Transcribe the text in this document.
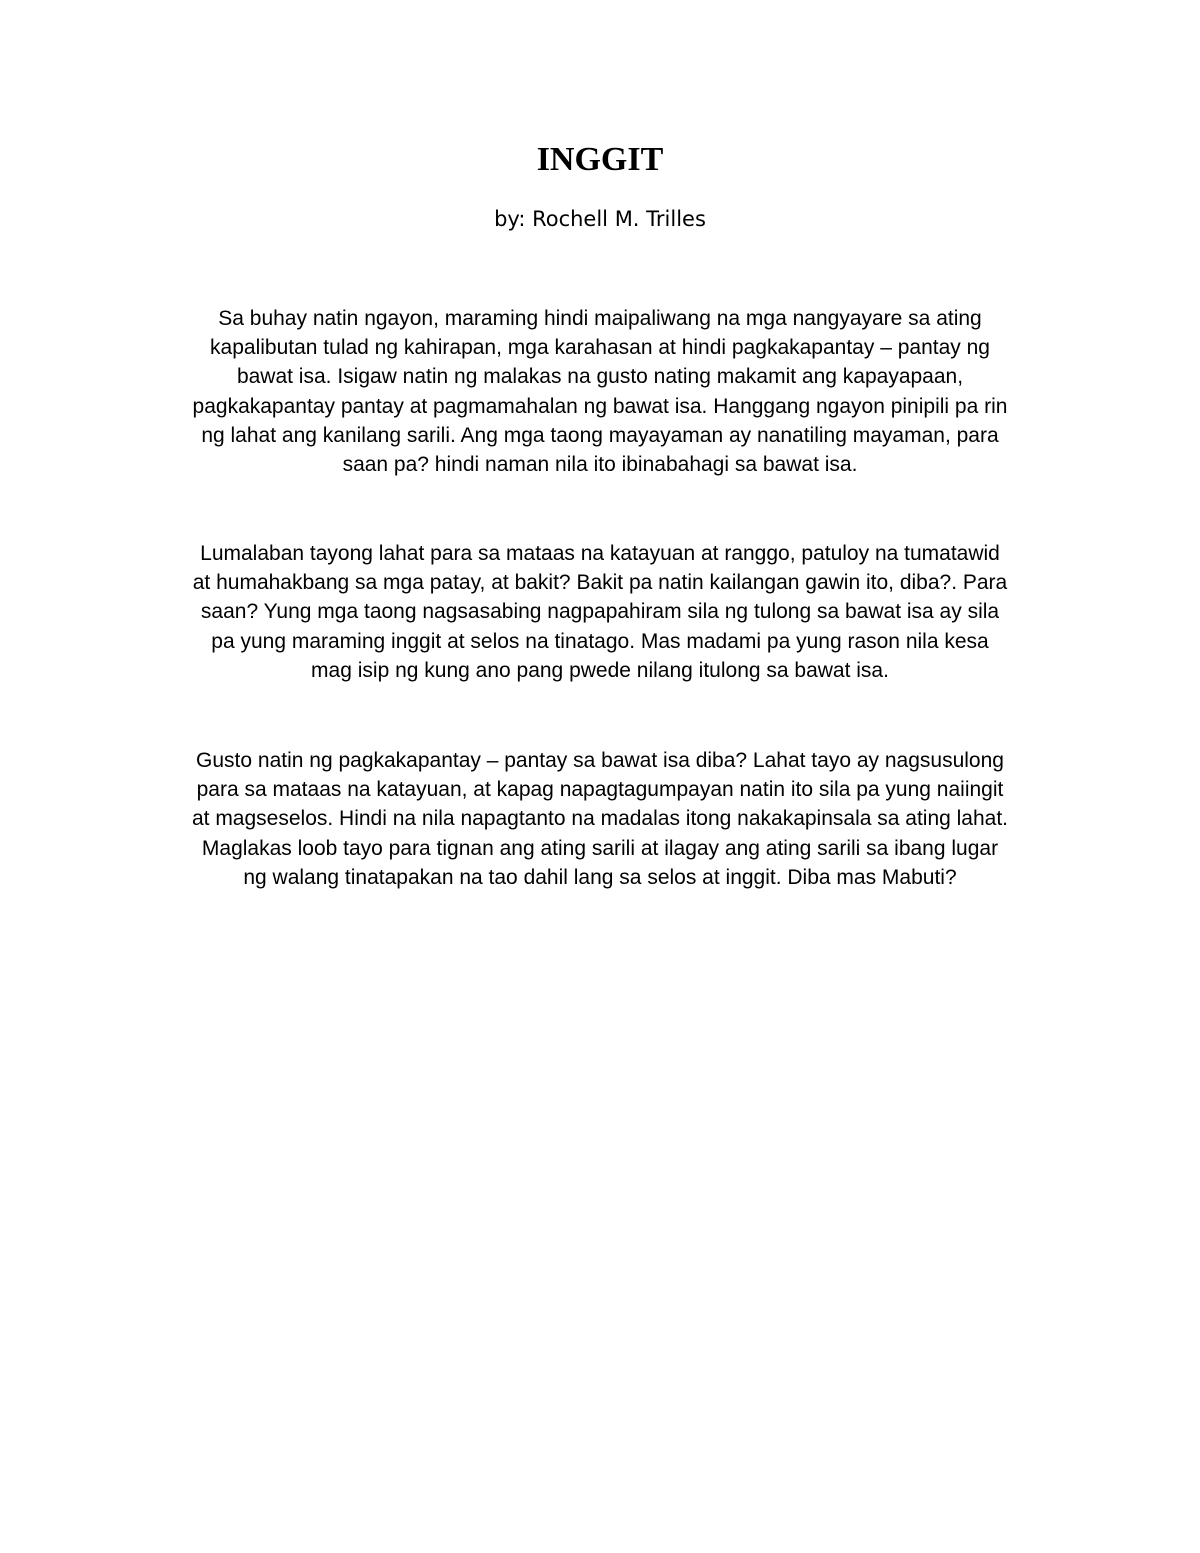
INGGIT

by: Rochell M. Trilles

Sa buhay natin ngayon, maraming hindi maipaliwang na mga nangyayare sa ating
kapalibutan tulad ng kahirapan, mga karahasan at hindi pagkakapantay – pantay ng
bawat isa. Isigaw natin ng malakas na gusto nating makamit ang kapayapaan,
pagkakapantay pantay at pagmamahalan ng bawat isa. Hanggang ngayon pinipili pa rin
ng lahat ang kanilang sarili. Ang mga taong mayayaman ay nanatiling mayaman, para
saan pa? hindi naman nila ito ibinabahagi sa bawat isa.

Lumalaban tayong lahat para sa mataas na katayuan at ranggo, patuloy na tumatawid
at humahakbang sa mga patay, at bakit? Bakit pa natin kailangan gawin ito, diba?. Para
saan? Yung mga taong nagsasabing nagpapahiram sila ng tulong sa bawat isa ay sila
pa yung maraming inggit at selos na tinatago. Mas madami pa yung rason nila kesa
mag isip ng kung ano pang pwede nilang itulong sa bawat isa.

Gusto natin ng pagkakapantay – pantay sa bawat isa diba? Lahat tayo ay nagsusulong
para sa mataas na katayuan, at kapag napagtagumpayan natin ito sila pa yung naiingit
at magseselos. Hindi na nila napagtanto na madalas itong nakakapinsala sa ating lahat.
Maglakas loob tayo para tignan ang ating sarili at ilagay ang ating sarili sa ibang lugar
ng walang tinatapakan na tao dahil lang sa selos at inggit. Diba mas Mabuti?
